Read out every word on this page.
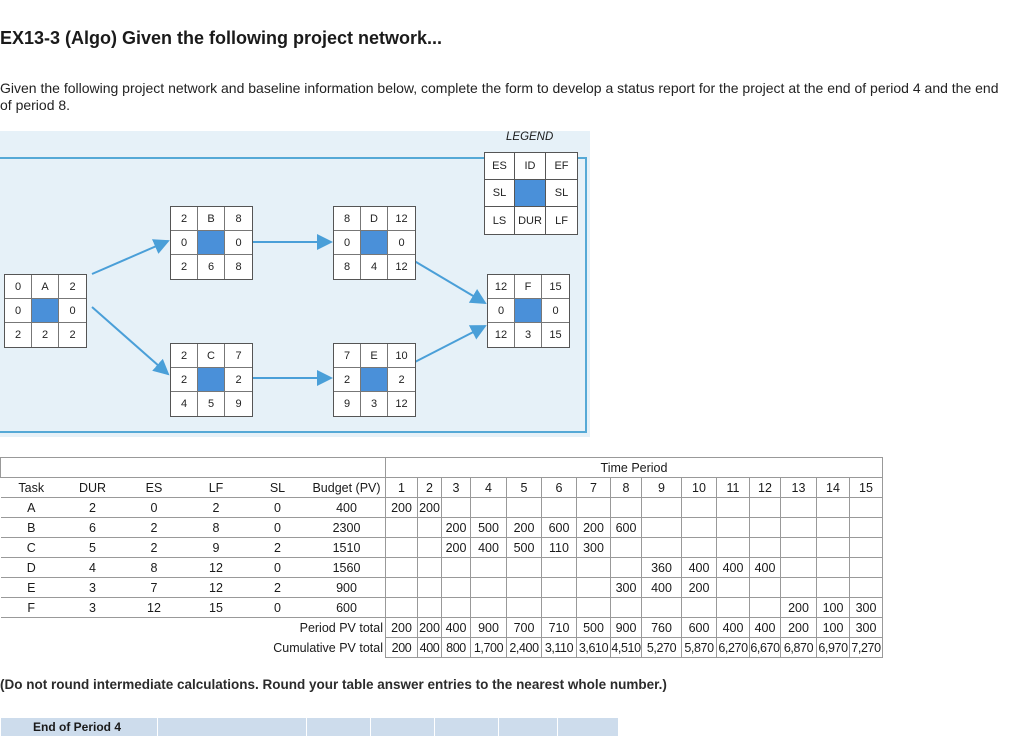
EX13-3 (Algo) Given the following project network...
Given the following project network and baseline information below, complete the form to develop a status report for the project at the end of period 4 and the end of period 8.
LEGEND
ES	ID	EF
SL	SL
LS	DUR	LF
0	A	2
0	0
2	2	2
2	B	8
0	0
2	6	8
2	C	7
2	2
4	5	9
8	D	12
0	0
8	4	12
7	E	10
2	2
9	3	12
12	F	15
0	0
12	3	15
						Time Period														
Task	DUR	ES	LF	SL	Budget (PV)	1	2	3	4	5	6	7	8	9	10	11	12	13	14	15
A	2	0	2	0	400	200	200													
B	6	2	8	0	2300			200	500	200	600	200	600							
C	5	2	9	2	1510			200	400	500	110	300								
D	4	8	12	0	1560									360	400	400	400			
E	3	7	12	2	900								300	400	200					
F	3	12	15	0	600													200	100	300
Period PV total						200	200	400	900	700	710	500	900	760	600	400	400	200	100	300
Cumulative PV total						200	400	800	1,700	2,400	3,110	3,610	4,510	5,270	5,870	6,270	6,670	6,870	6,970	7,270
(Do not round intermediate calculations. Round your table answer entries to the nearest whole number.)
End of Period 4						
